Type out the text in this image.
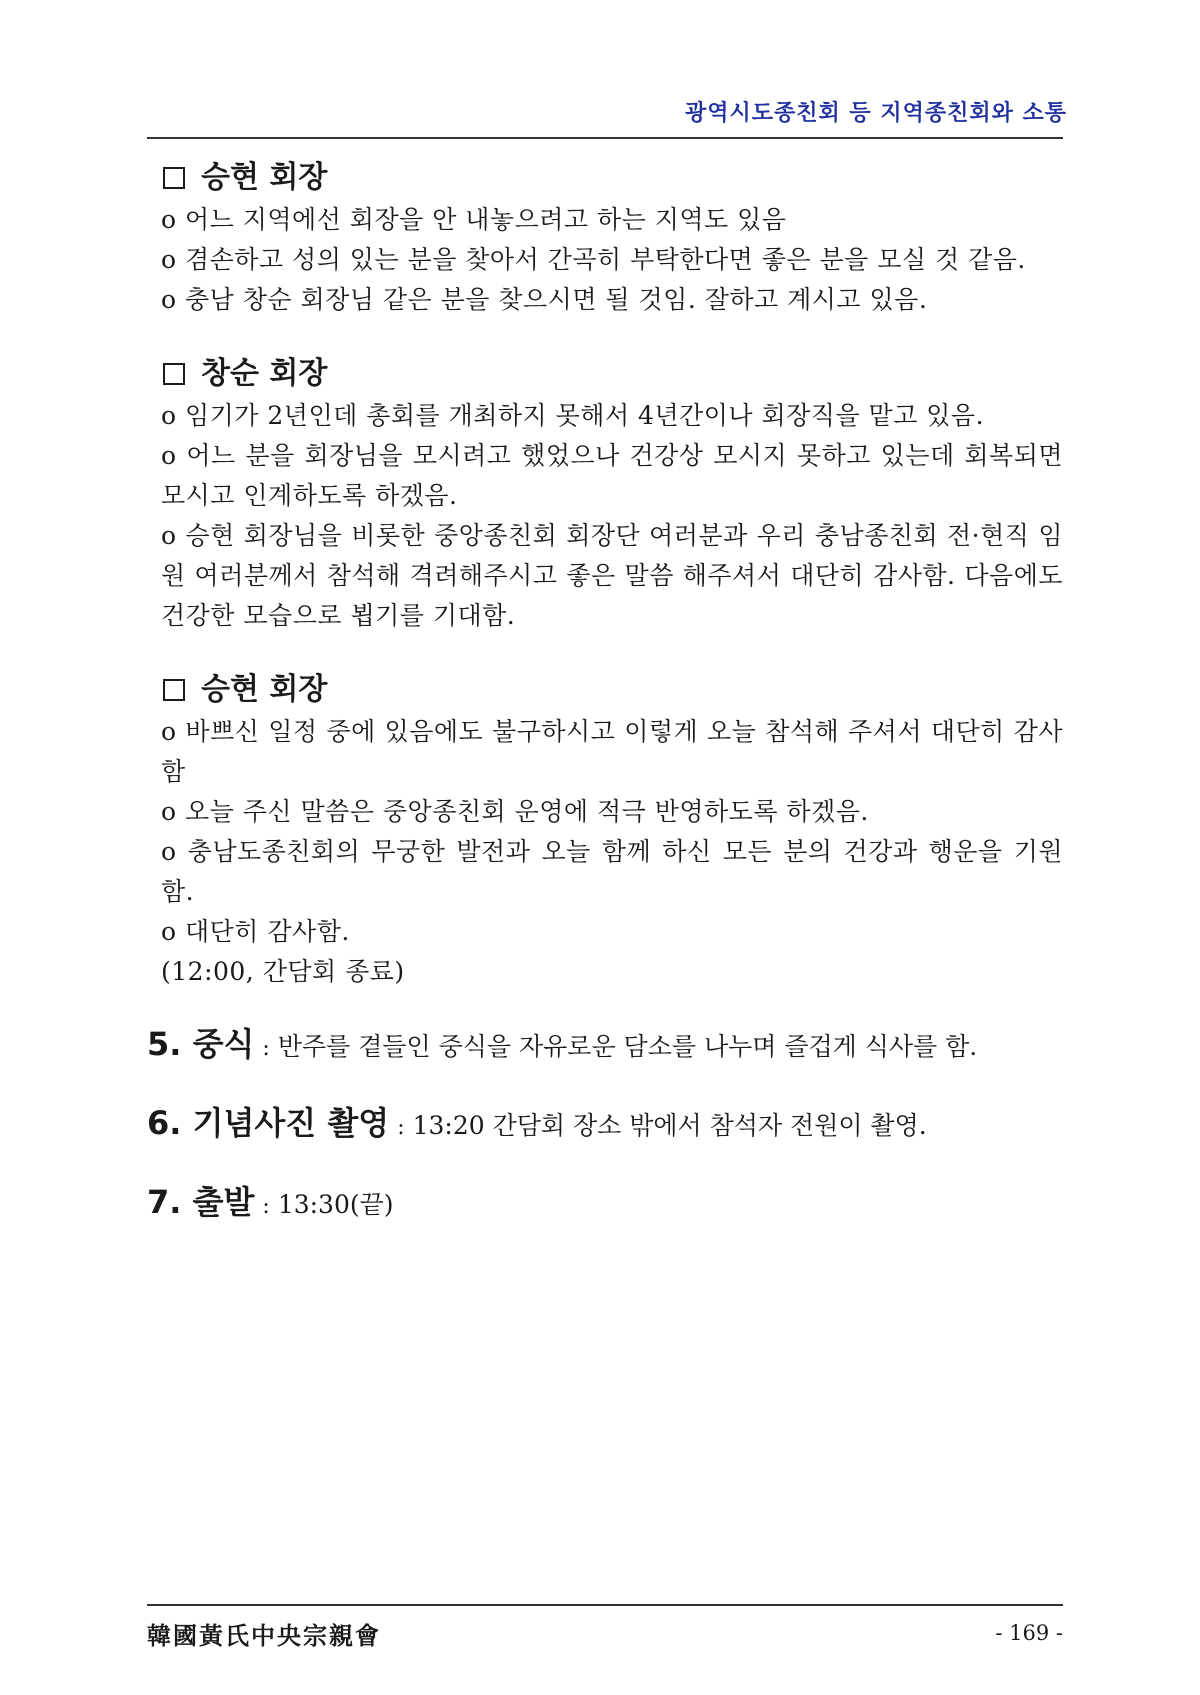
광역시도종친회 등 지역종친회와 소통
승현 회장
o 어느 지역에선 회장을 안 내놓으려고 하는 지역도 있음
o 겸손하고 성의 있는 분을 찾아서 간곡히 부탁한다면 좋은 분을 모실 것 같음.
o 충남 창순 회장님 같은 분을 찾으시면 될 것임. 잘하고 계시고 있음.
창순 회장
o 임기가 2년인데 총회를 개최하지 못해서 4년간이나 회장직을 맡고 있음.
o 어느 분을 회장님을 모시려고 했었으나 건강상 모시지 못하고 있는데 회복되면 모시고 인계하도록 하겠음.
o 승현 회장님을 비롯한 중앙종친회 회장단 여러분과 우리 충남종친회 전·현직 임원 여러분께서 참석해 격려해주시고 좋은 말씀 해주셔서 대단히 감사함. 다음에도 건강한 모습으로 뵙기를 기대함.
승현 회장
o 바쁘신 일정 중에 있음에도 불구하시고 이렇게 오늘 참석해 주셔서 대단히 감사함
o 오늘 주신 말씀은 중앙종친회 운영에 적극 반영하도록 하겠음.
o 충남도종친회의 무궁한 발전과 오늘 함께 하신 모든 분의 건강과 행운을 기원함.
o 대단히 감사함.
(12:00, 간담회 종료)
5. 중식 : 반주를 곁들인 중식을 자유로운 담소를 나누며 즐겁게 식사를 함.
6. 기념사진 촬영 : 13:20 간담회 장소 밖에서 참석자 전원이 촬영.
7. 출발 : 13:30(끝)
韓國黃氏中央宗親會	- 169 -
